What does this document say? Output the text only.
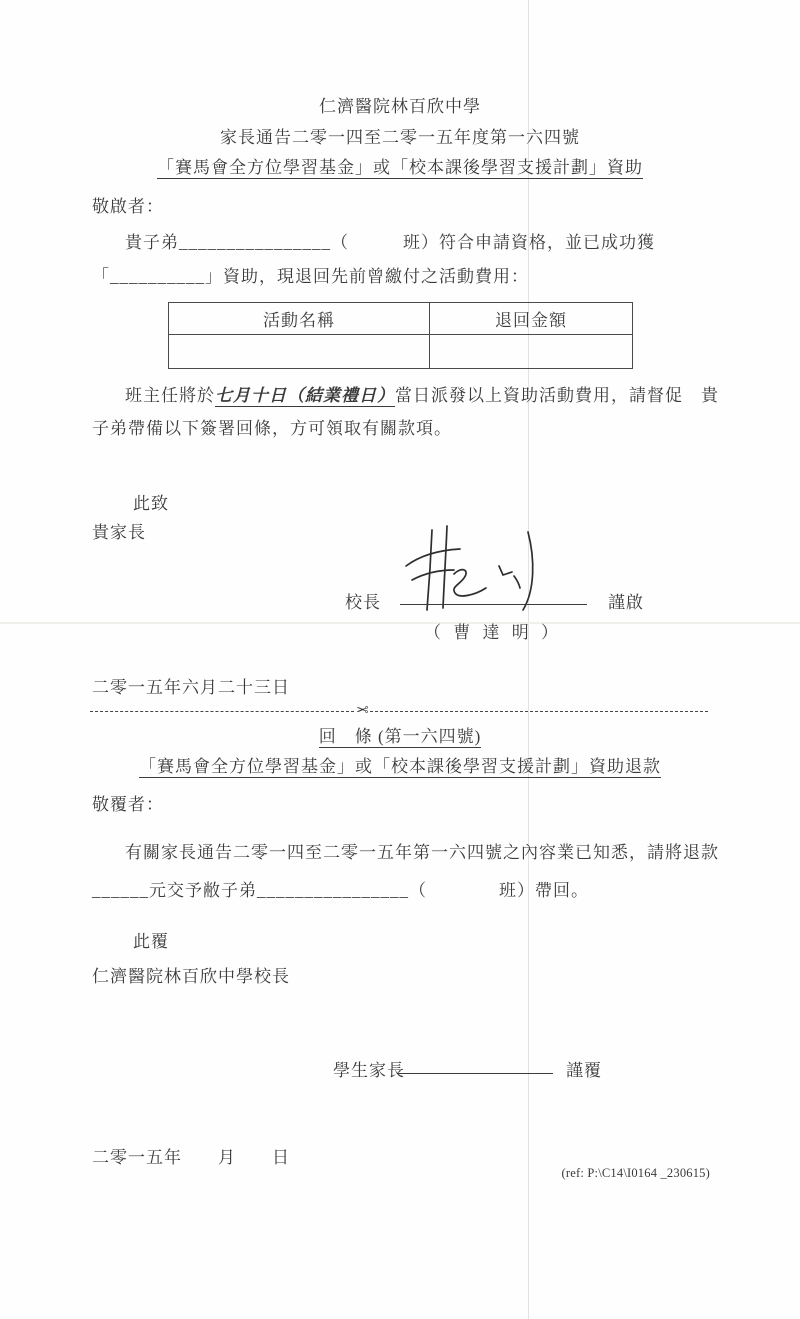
仁濟醫院林百欣中學
家長通告二零一四至二零一五年度第一六四號
「賽馬會全方位學習基金」或「校本課後學習支援計劃」資助
敬啟者：
貴子弟________________（　　　班）符合申請資格，並已成功獲
「__________」資助，現退回先前曾繳付之活動費用：
活動名稱	退回金額

班主任將於七月十日（結業禮日）當日派發以上資助活動費用，請督促　貴
子弟帶備以下簽署回條，方可領取有關款項。
此致
貴家長
校長	謹啟
（ 曹 達 明 ）
二零一五年六月二十三日
✂
回　條 (第一六四號)
「賽馬會全方位學習基金」或「校本課後學習支援計劃」資助退款
敬覆者：
有關家長通告二零一四至二零一五年第一六四號之內容業已知悉，請將退款
______元交予敝子弟________________（　　　　班）帶回。
此覆
仁濟醫院林百欣中學校長
學生家長	謹覆
二零一五年　　月　　日
(ref: P:\C14\I0164 _230615)
